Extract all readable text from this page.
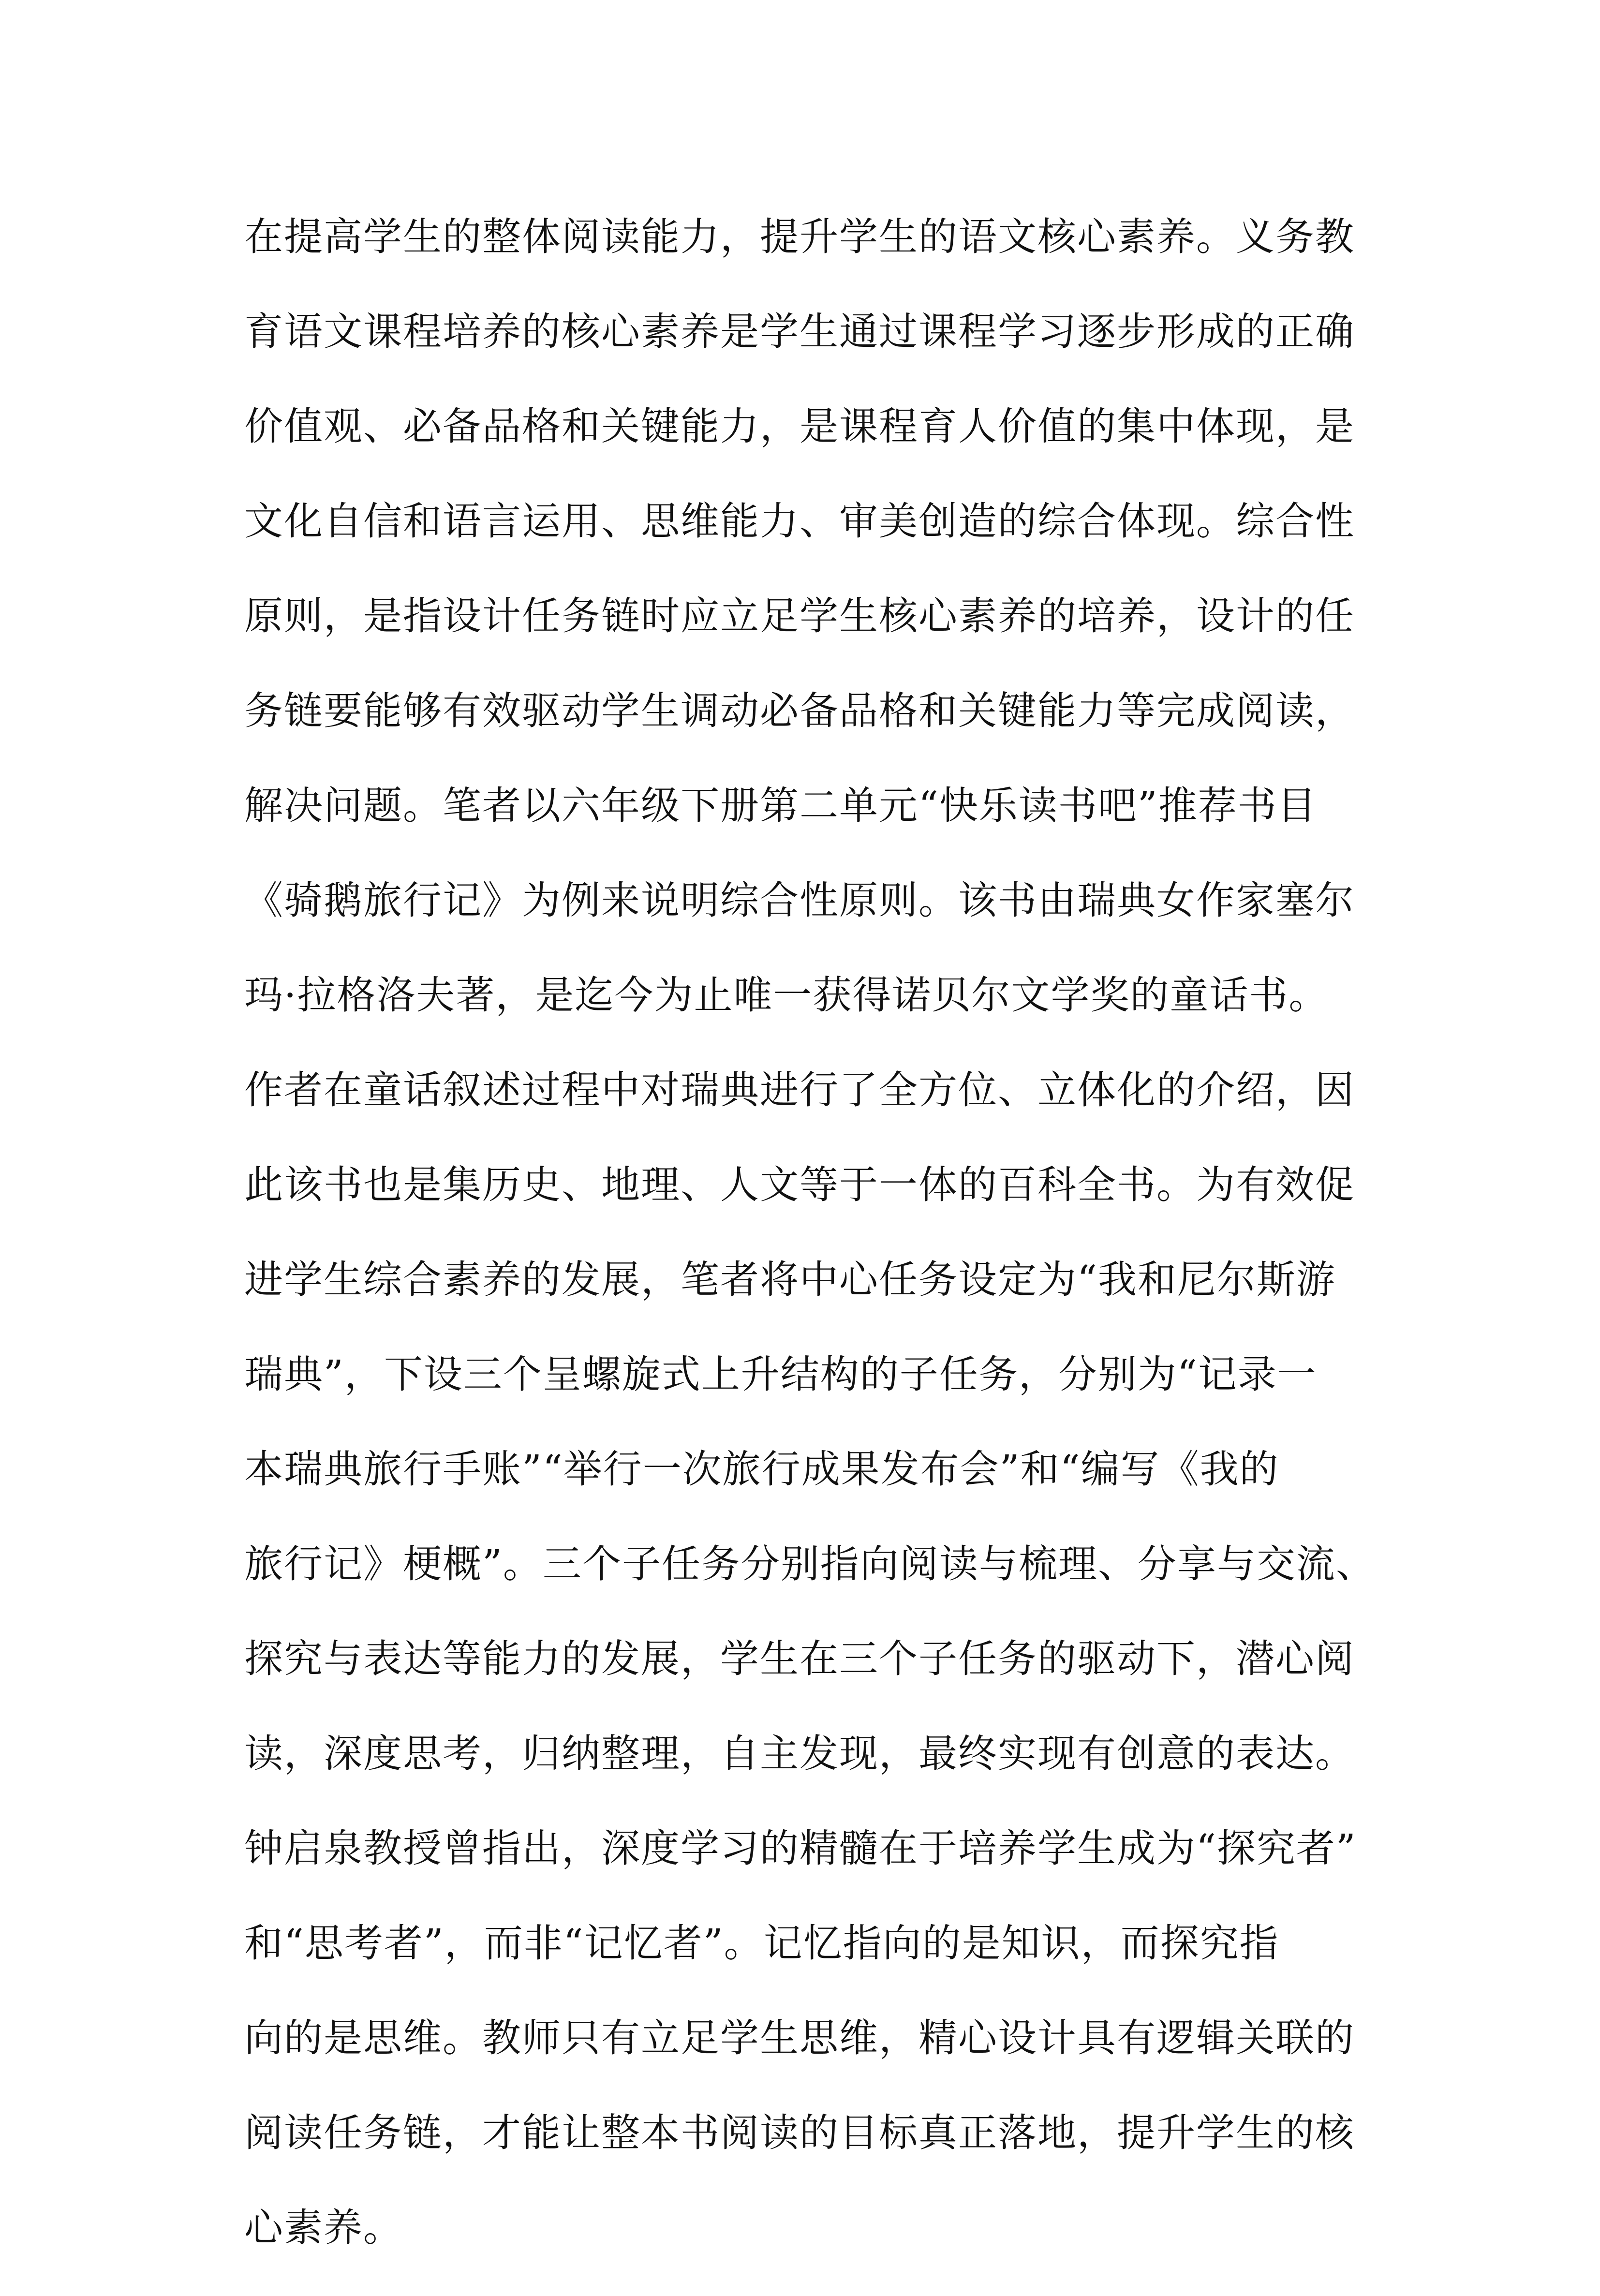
在提高学生的整体阅读能力，提升学生的语文核心素养。义务教
育语文课程培养的核心素养是学生通过课程学习逐步形成的正确
价值观、必备品格和关键能力，是课程育人价值的集中体现，是
文化自信和语言运用、思维能力、审美创造的综合体现。综合性
原则，是指设计任务链时应立足学生核心素养的培养，设计的任
务链要能够有效驱动学生调动必备品格和关键能力等完成阅读，
解决问题。笔者以六年级下册第二单元“快乐读书吧”推荐书目
《骑鹅旅行记》为例来说明综合性原则。该书由瑞典女作家塞尔
玛·拉格洛夫著，是迄今为止唯一获得诺贝尔文学奖的童话书。
作者在童话叙述过程中对瑞典进行了全方位、立体化的介绍，因
此该书也是集历史、地理、人文等于一体的百科全书。为有效促
进学生综合素养的发展，笔者将中心任务设定为“我和尼尔斯游
瑞典”，下设三个呈螺旋式上升结构的子任务，分别为“记录一
本瑞典旅行手账”“举行一次旅行成果发布会”和“编写《我的
旅行记》梗概”。三个子任务分别指向阅读与梳理、分享与交流、
探究与表达等能力的发展，学生在三个子任务的驱动下，潜心阅
读，深度思考，归纳整理，自主发现，最终实现有创意的表达。
钟启泉教授曾指出，深度学习的精髓在于培养学生成为“探究者”
和“思考者”，而非“记忆者”。记忆指向的是知识，而探究指
向的是思维。教师只有立足学生思维，精心设计具有逻辑关联的
阅读任务链，才能让整本书阅读的目标真正落地，提升学生的核
心素养。
